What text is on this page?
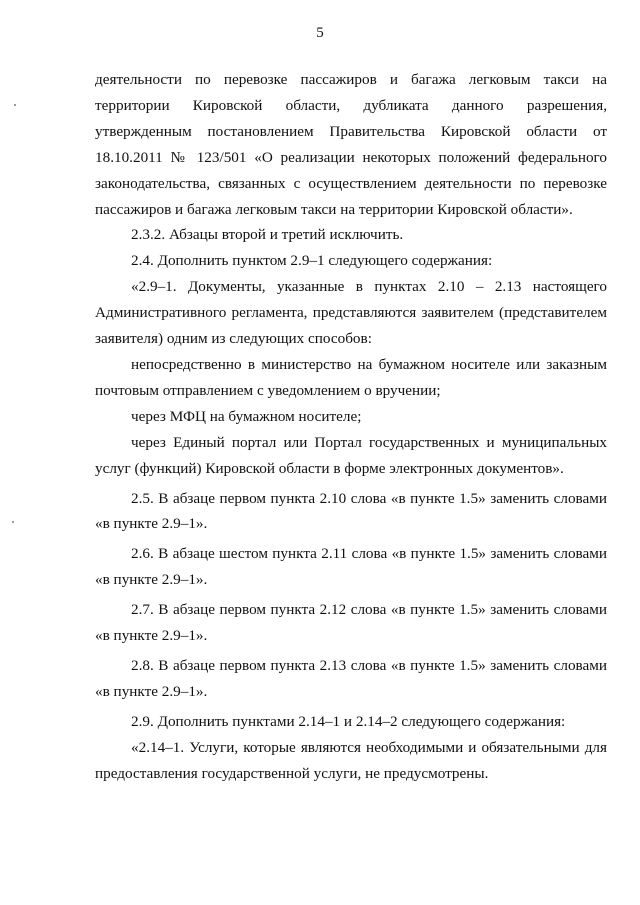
5

деятельности по перевозке пассажиров и багажа легковым такси на территории Кировской области, дубликата данного разрешения, утвержденным постановлением Правительства Кировской области от 18.10.2011 № 123/501 «О реализации некоторых положений федерального законодательства, связанных с осуществлением деятельности по перевозке пассажиров и багажа легковым такси на территории Кировской области».

2.3.2. Абзацы второй и третий исключить.

2.4. Дополнить пунктом 2.9–1 следующего содержания:

«2.9–1. Документы, указанные в пунктах 2.10 – 2.13 настоящего Административного регламента, представляются заявителем (представителем заявителя) одним из следующих способов:

непосредственно в министерство на бумажном носителе или заказным почтовым отправлением с уведомлением о вручении;

через МФЦ на бумажном носителе;

через Единый портал или Портал государственных и муниципальных услуг (функций) Кировской области в форме электронных документов».

2.5. В абзаце первом пункта 2.10 слова «в пункте 1.5» заменить словами «в пункте 2.9–1».

2.6. В абзаце шестом пункта 2.11 слова «в пункте 1.5» заменить словами «в пункте 2.9–1».

2.7. В абзаце первом пункта 2.12 слова «в пункте 1.5» заменить словами «в пункте 2.9–1».

2.8. В абзаце первом пункта 2.13 слова «в пункте 1.5» заменить словами «в пункте 2.9–1».

2.9. Дополнить пунктами 2.14–1 и 2.14–2 следующего содержания:

«2.14–1. Услуги, которые являются необходимыми и обязательными для предоставления государственной услуги, не предусмотрены.
